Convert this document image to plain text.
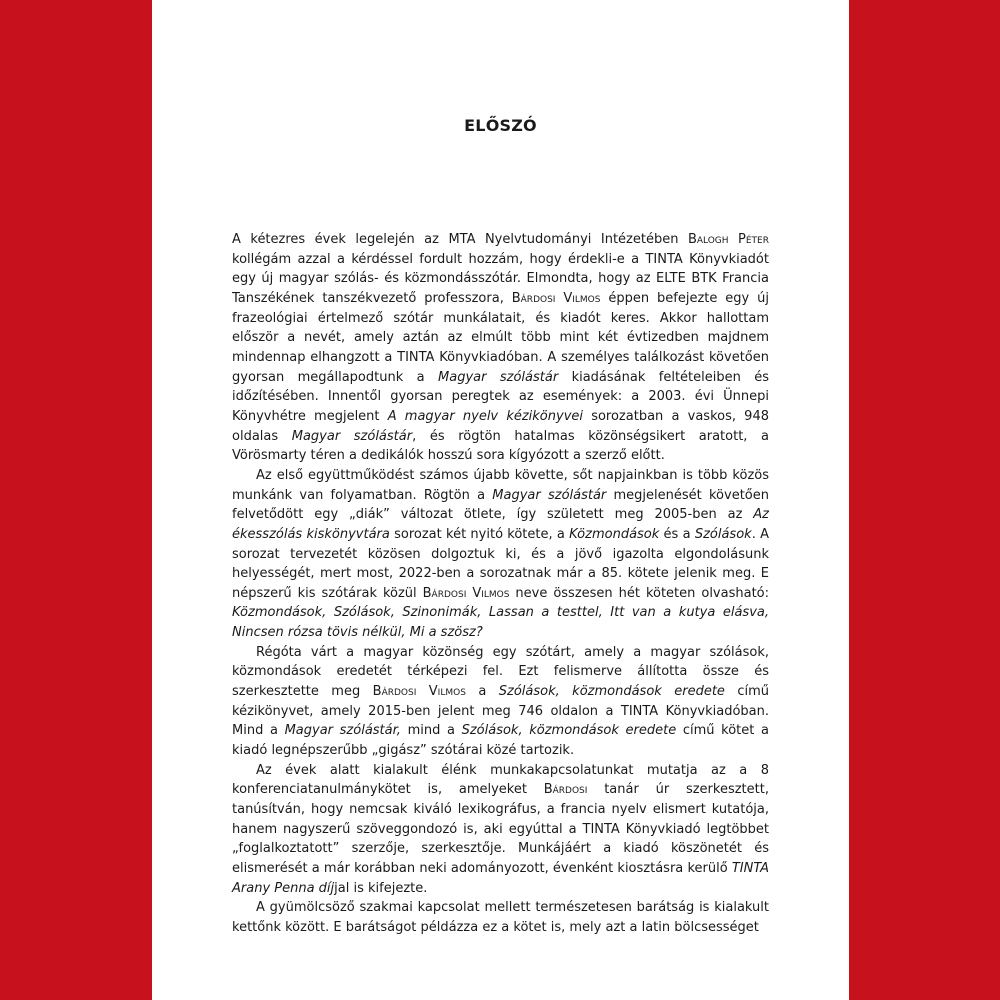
ELŐSZÓ

A kétezres évek legelején az MTA Nyelvtudományi Intézetében Balogh Péter kollégám azzal a kérdéssel fordult hozzám, hogy érdekli-e a TINTA Könyvkiadót egy új magyar szólás- és közmondásszótár. Elmondta, hogy az ELTE BTK Francia Tanszékének tanszékvezető professzora, Bárdosi Vilmos éppen befejezte egy új frazeológiai értelmező szótár munkálatait, és kiadót keres. Akkor hallottam először a nevét, amely aztán az elmúlt több mint két évtizedben majdnem mindennap elhangzott a TINTA Könyvkiadóban. A személyes találkozást követően gyorsan megállapodtunk a Magyar szólástár kiadásának feltételeiben és időzítésében. Innentől gyorsan peregtek az események: a 2003. évi Ünnepi Könyvhétre megjelent A magyar nyelv kézikönyvei sorozatban a vaskos, 948 oldalas Magyar szólástár, és rögtön hatalmas közönségsikert aratott, a Vörösmarty téren a dedikálók hosszú sora kígyózott a szerző előtt.

Az első együttműködést számos újabb követte, sőt napjainkban is több közös munkánk van folyamatban. Rögtön a Magyar szólástár megjelenését követően felvetődött egy „diák” változat ötlete, így született meg 2005-ben az Az ékesszólás kiskönyvtára sorozat két nyitó kötete, a Közmondások és a Szólások. A sorozat tervezetét közösen dolgoztuk ki, és a jövő igazolta elgondolásunk helyességét, mert most, 2022-ben a sorozatnak már a 85. kötete jelenik meg. E népszerű kis szótárak közül Bárdosi Vilmos neve összesen hét köteten olvasható: Közmondások, Szólások, Szinonimák, Lassan a testtel, Itt van a kutya elásva, Nincsen rózsa tövis nélkül, Mi a szösz?

Régóta várt a magyar közönség egy szótárt, amely a magyar szólások, közmondások eredetét térképezi fel. Ezt felismerve állította össze és szerkesztette meg Bárdosi Vilmos a Szólások, közmondások eredete című kézikönyvet, amely 2015-ben jelent meg 746 oldalon a TINTA Könyvkiadóban. Mind a Magyar szólástár, mind a Szólások, közmondások eredete című kötet a kiadó legnépszerűbb „gigász” szótárai közé tartozik.

Az évek alatt kialakult élénk munkakapcsolatunkat mutatja az a 8 konferenciatanulmánykötet is, amelyeket Bárdosi tanár úr szerkesztett, tanúsítván, hogy nemcsak kiváló lexikográfus, a francia nyelv elismert kutatója, hanem nagyszerű szöveggondozó is, aki egyúttal a TINTA Könyvkiadó legtöbbet „foglalkoztatott” szerzője, szerkesztője. Munkájáért a kiadó köszönetét és elismerését a már korábban neki adományozott, évenként kiosztásra kerülő TINTA Arany Penna díjjal is kifejezte.

A gyümölcsöző szakmai kapcsolat mellett természetesen barátság is kialakult kettőnk között. E barátságot példázza ez a kötet is, mely azt a latin bölcsességet
